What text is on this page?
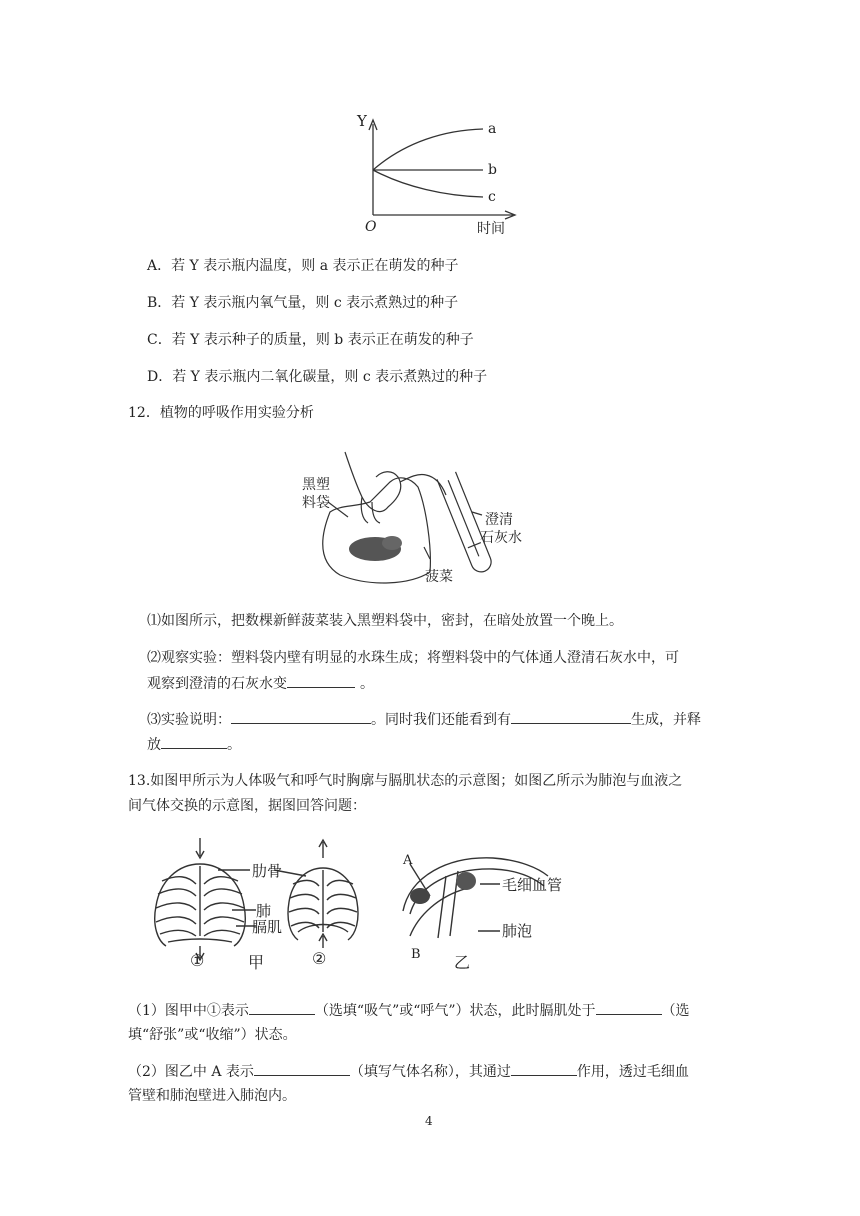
Y
O	时间
a
b
c
A．若 Y 表示瓶内温度，则 a 表示正在萌发的种子
B．若 Y 表示瓶内氧气量，则 c 表示煮熟过的种子
C．若 Y 表示种子的质量，则 b 表示正在萌发的种子
D．若 Y 表示瓶内二氧化碳量，则 c 表示煮熟过的种子
12．植物的呼吸作用实验分析
黑塑
料袋
澄清
石灰水
菠菜
⑴如图所示，把数棵新鲜菠菜装入黑塑料袋中，密封，在暗处放置一个晚上。
⑵观察实验：塑料袋内壁有明显的水珠生成；将塑料袋中的气体通人澄清石灰水中，可
观察到澄清的石灰水变	。
⑶实验说明：	。同时我们还能看到有	生成，并释
放	。
13.如图甲所示为人体吸气和呼气时胸廓与膈肌状态的示意图；如图乙所示为肺泡与血液之
间气体交换的示意图，据图回答问题：
肋骨
肺
膈肌
①	甲	②
A
B
毛细血管
肺泡
乙
（1）图甲中①表示	（选填“吸气”或“呼气”）状态，此时膈肌处于	（选
填“舒张”或“收缩”）状态。
（2）图乙中 A 表示	（填写气体名称），其通过	作用，透过毛细血
管壁和肺泡壁进入肺泡内。
4
